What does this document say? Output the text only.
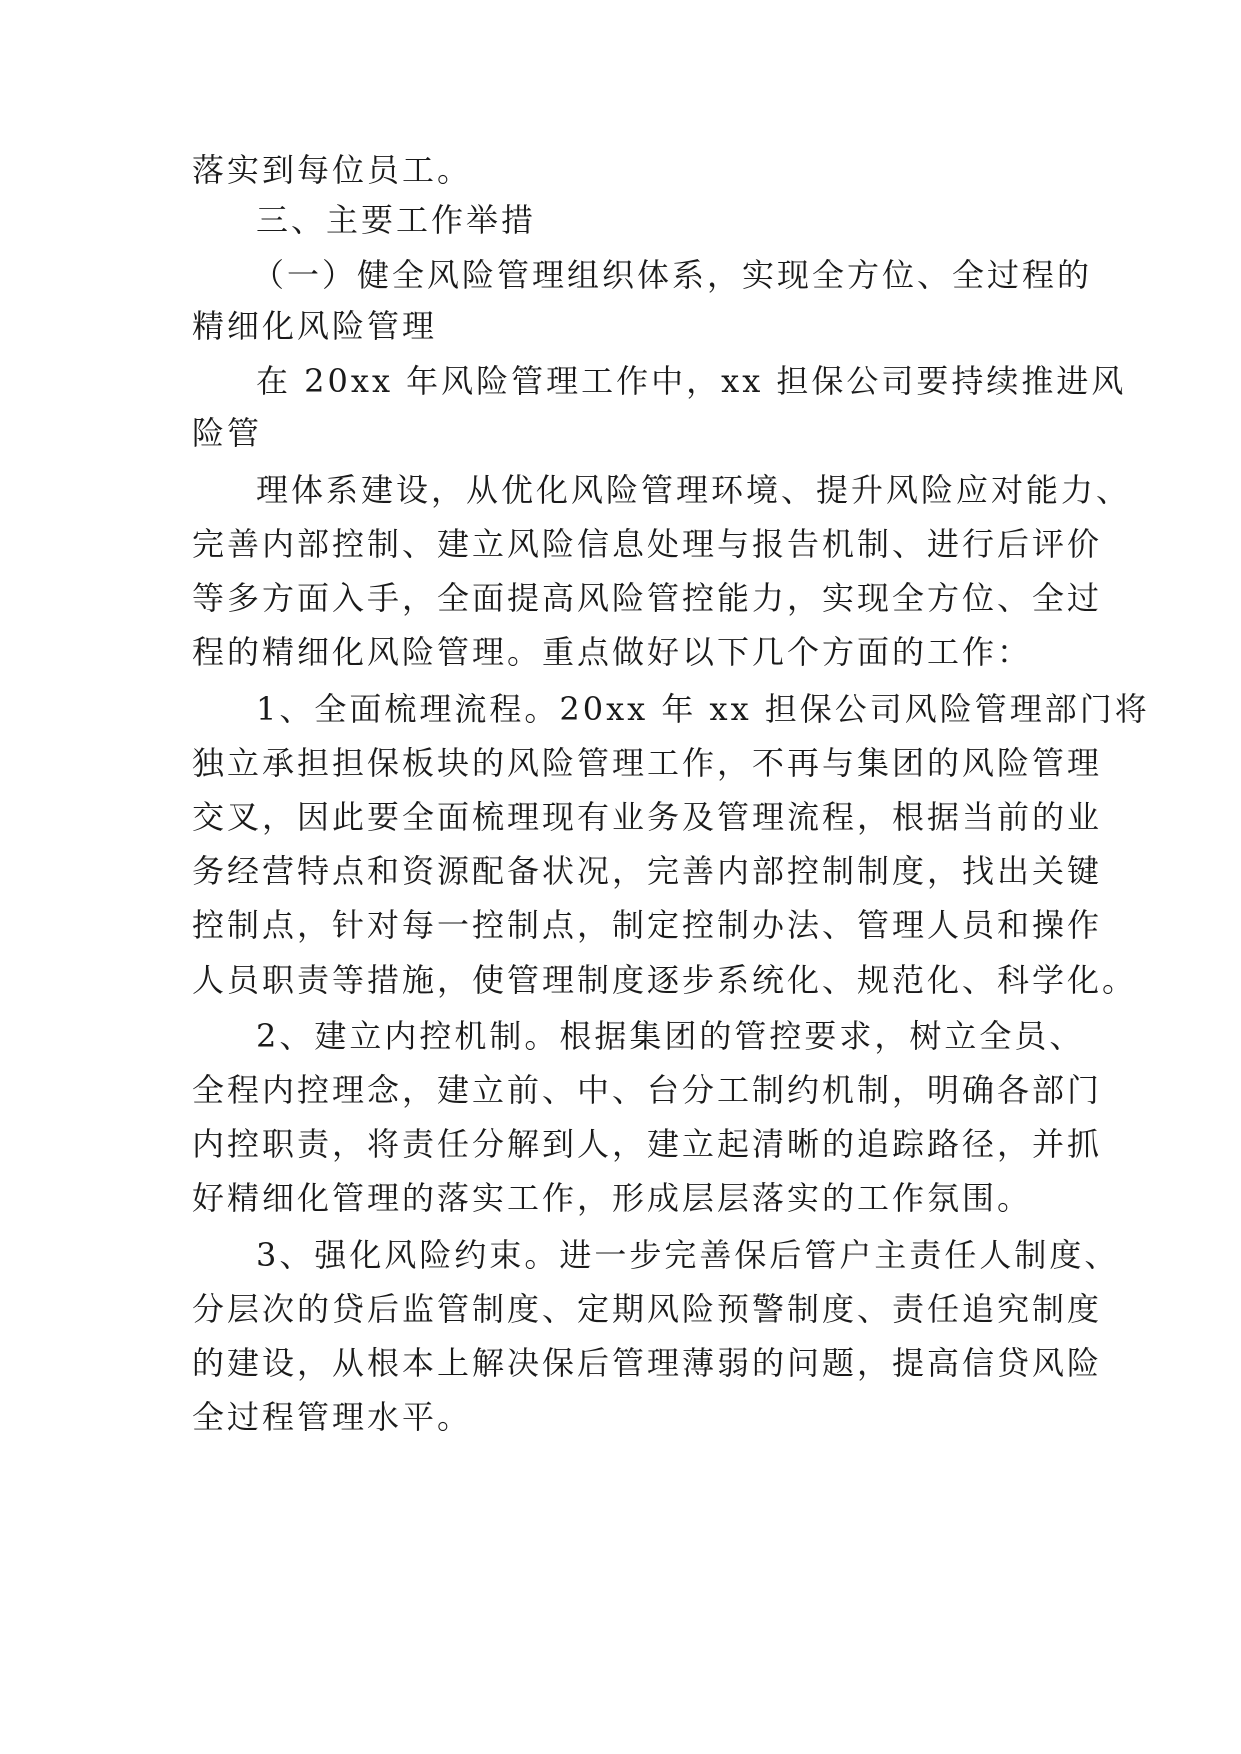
落实到每位员工。
三、主要工作举措
（一）健全风险管理组织体系，实现全方位、全过程的
精细化风险管理
在 20xx 年风险管理工作中，xx 担保公司要持续推进风
险管
理体系建设，从优化风险管理环境、提升风险应对能力、
完善内部控制、建立风险信息处理与报告机制、进行后评价
等多方面入手，全面提高风险管控能力，实现全方位、全过
程的精细化风险管理。重点做好以下几个方面的工作：
1、全面梳理流程。20xx 年 xx 担保公司风险管理部门将
独立承担担保板块的风险管理工作，不再与集团的风险管理
交叉，因此要全面梳理现有业务及管理流程，根据当前的业
务经营特点和资源配备状况，完善内部控制制度，找出关键
控制点，针对每一控制点，制定控制办法、管理人员和操作
人员职责等措施，使管理制度逐步系统化、规范化、科学化。
2、建立内控机制。根据集团的管控要求，树立全员、
全程内控理念，建立前、中、台分工制约机制，明确各部门
内控职责，将责任分解到人，建立起清晰的追踪路径，并抓
好精细化管理的落实工作，形成层层落实的工作氛围。
3、强化风险约束。进一步完善保后管户主责任人制度、
分层次的贷后监管制度、定期风险预警制度、责任追究制度
的建设，从根本上解决保后管理薄弱的问题，提高信贷风险
全过程管理水平。
